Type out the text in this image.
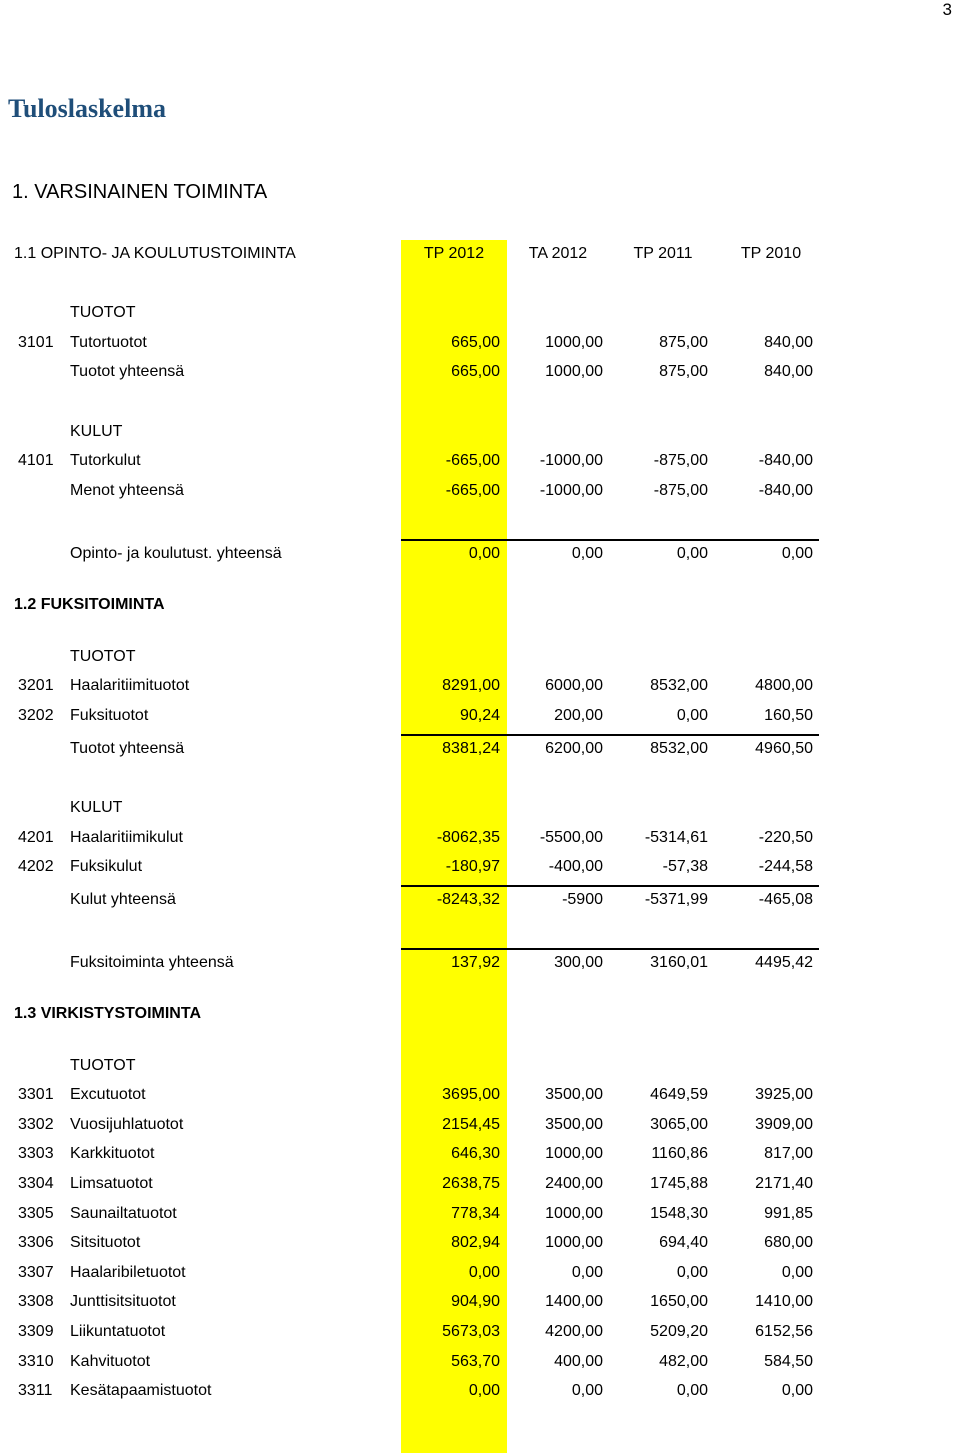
3
Tuloslaskelma
1. VARSINAINEN TOIMINTA
1.1 OPINTO- JA KOULUTUSTOIMINTA	TP 2012	TA 2012	TP 2011	TP 2010
TUOTOT
3101 Tutortuotot	665,00	1000,00	875,00	840,00
Tuotot yhteensä	665,00	1000,00	875,00	840,00
KULUT
4101 Tutorkulut	-665,00 -1000,00	-875,00	-840,00
Menot yhteensä	-665,00 -1000,00	-875,00	-840,00
Opinto- ja koulutust. yhteensä	0,00	0,00	0,00	0,00
1.2 FUKSITOIMINTA
TUOTOT
3201 Haalaritiimituotot	8291,00	6000,00	8532,00	4800,00
3202 Fuksituotot	90,24	200,00	0,00	160,50
Tuotot yhteensä	8381,24	6200,00	8532,00	4960,50
KULUT
4201 Haalaritiimikulut	-8062,35 -5500,00	-5314,61	-220,50
4202 Fuksikulut	-180,97	-400,00	-57,38	-244,58
Kulut yhteensä	-8243,32	-5900	-5371,99	-465,08
Fuksitoiminta yhteensä	137,92	300,00	3160,01	4495,42
1.3 VIRKISTYSTOIMINTA
TUOTOT
3301 Excutuotot	3695,00	3500,00	4649,59	3925,00
3302 Vuosijuhlatuotot	2154,45	3500,00	3065,00	3909,00
3303 Karkkituotot	646,30	1000,00	1160,86	817,00
3304 Limsatuotot	2638,75	2400,00	1745,88	2171,40
3305 Saunailtatuotot	778,34	1000,00	1548,30	991,85
3306 Sitsituotot	802,94	1000,00	694,40	680,00
3307 Haalaribiletuotot	0,00	0,00	0,00	0,00
3308 Junttisitsituotot	904,90	1400,00	1650,00	1410,00
3309 Liikuntatuotot	5673,03	4200,00	5209,20	6152,56
3310 Kahvituotot	563,70	400,00	482,00	584,50
3311 Kesätapaamistuotot	0,00	0,00	0,00	0,00
